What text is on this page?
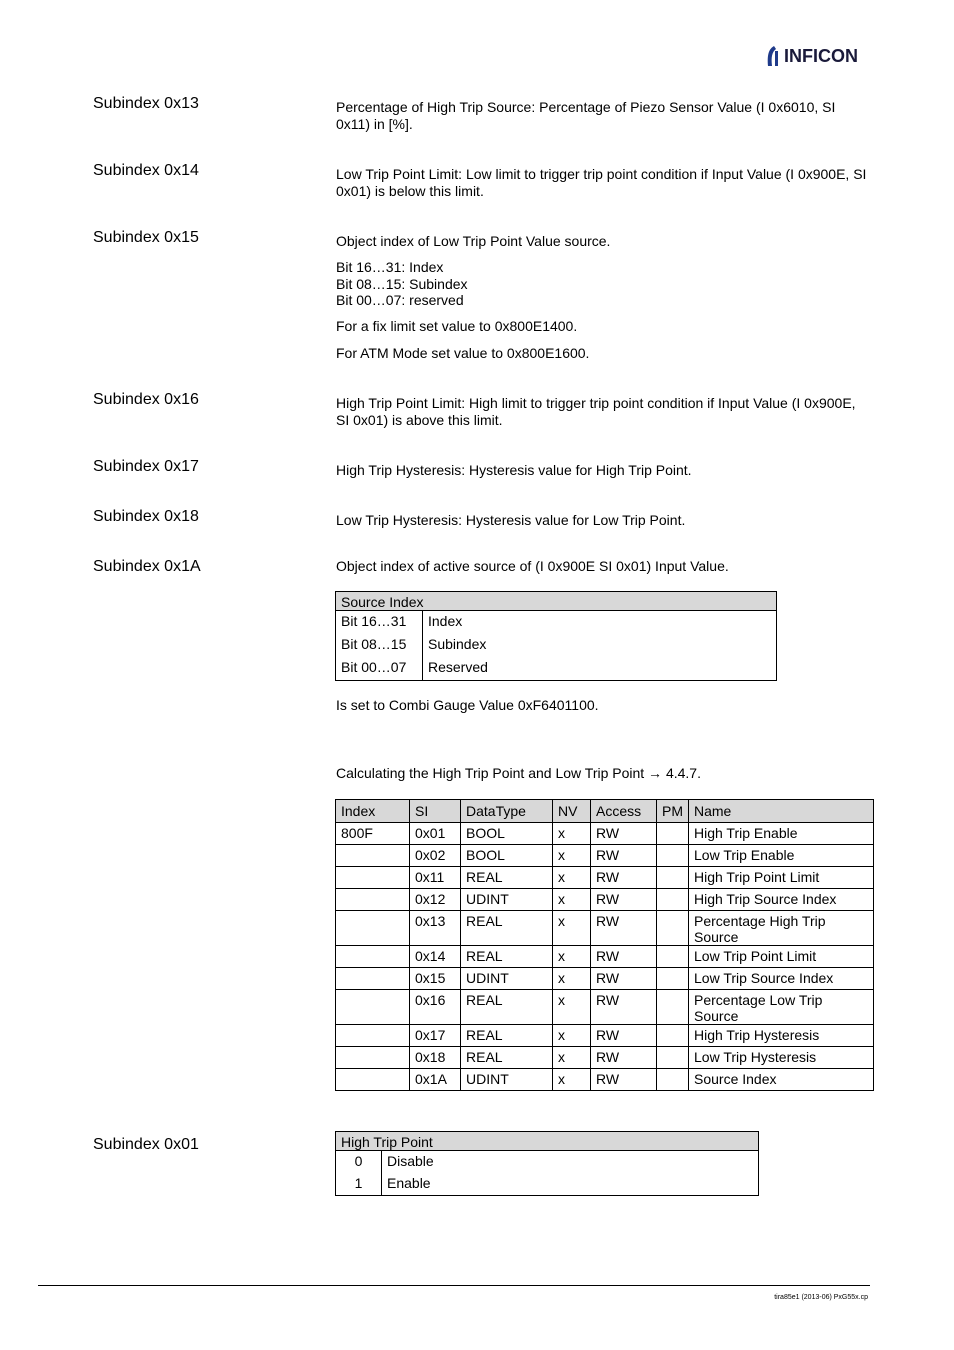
INFICON
Subindex 0x13	Percentage of High Trip Source: Percentage of Piezo Sensor Value (I 0x6010, SI 0x11) in [%].
Subindex 0x14	Low Trip Point Limit: Low limit to trigger trip point condition if Input Value (I 0x900E, SI 0x01) is below this limit.
Subindex 0x15	Object index of Low Trip Point Value source.
Bit 16…31: Index
Bit 08…15: Subindex
Bit 00…07: reserved
For a fix limit set value to 0x800E1400.
For ATM Mode set value to 0x800E1600.
Subindex 0x16	High Trip Point Limit: High limit to trigger trip point condition if Input Value (I 0x900E, SI 0x01) is above this limit.
Subindex 0x17	High Trip Hysteresis: Hysteresis value for High Trip Point.
Subindex 0x18	Low Trip Hysteresis: Hysteresis value for Low Trip Point.
Subindex 0x1A	Object index of active source of (I 0x900E SI 0x01) Input Value.
Source Index	
Bit 16…31	Index
Bit 08…15	Subindex
Bit 00…07	Reserved
Is set to Combi Gauge Value 0xF6401100.
Calculating the High Trip Point and Low Trip Point → 4.4.7.
Index	SI	DataType	NV	Access	PM	Name
800F	0x01	BOOL	x	RW		High Trip Enable
	0x02	BOOL	x	RW		Low Trip Enable
	0x11	REAL	x	RW		High Trip Point Limit
	0x12	UDINT	x	RW		High Trip Source Index
	0x13	REAL	x	RW		Percentage High Trip Source
	0x14	REAL	x	RW		Low Trip Point Limit
	0x15	UDINT	x	RW		Low Trip Source Index
	0x16	REAL	x	RW		Percentage Low Trip Source
	0x17	REAL	x	RW		High Trip Hysteresis
	0x18	REAL	x	RW		Low Trip Hysteresis
	0x1A	UDINT	x	RW		Source Index
Subindex 0x01	High Trip Point	
0	Disable
1	Enable
tira85e1 (2013-06) PxG55x.cp
